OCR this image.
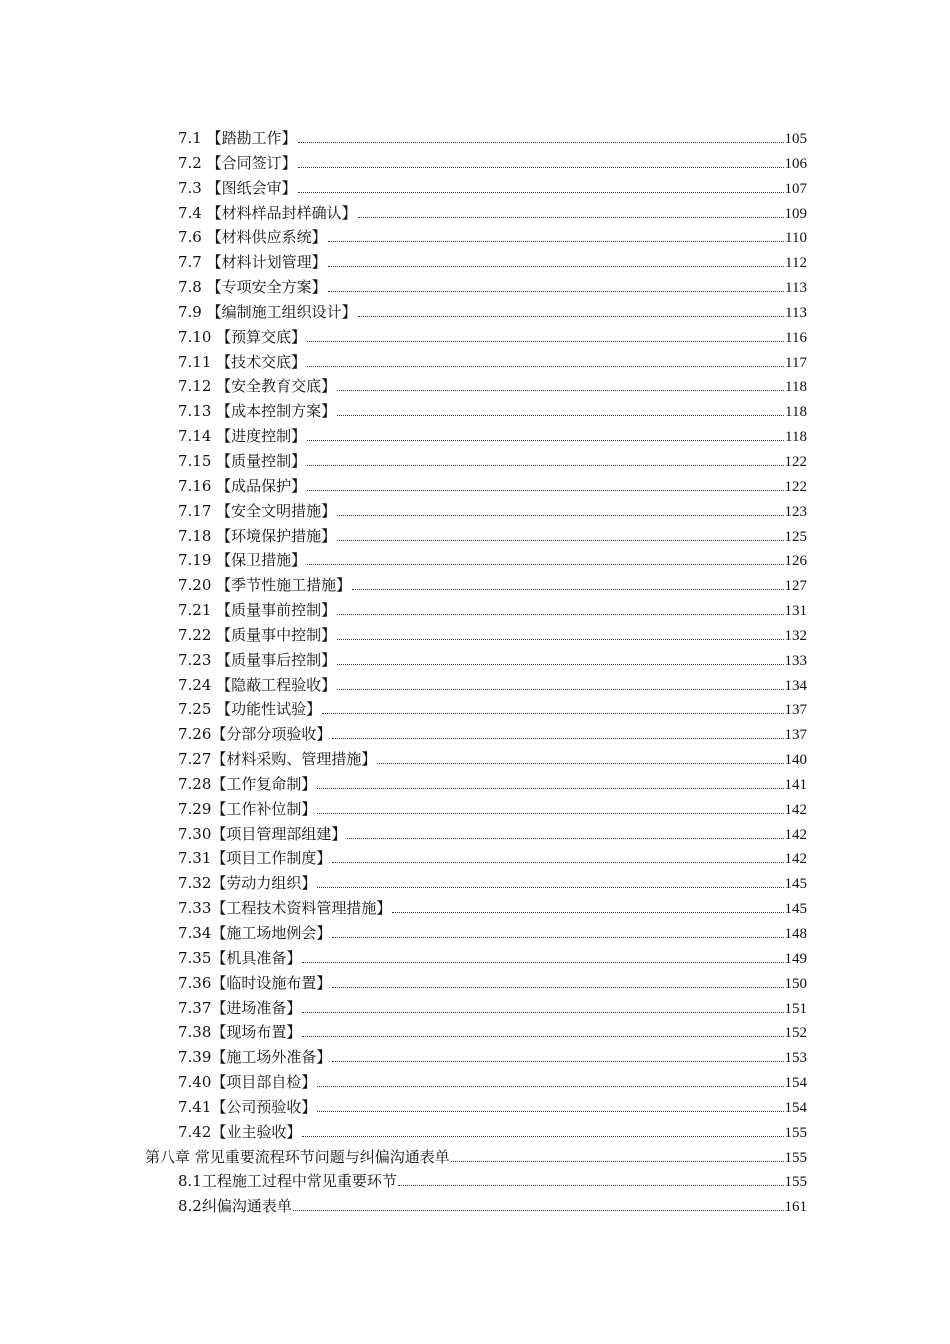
7.1 【踏勘工作】	105
7.2 【合同签订】	106
7.3 【图纸会审】	107
7.4 【材料样品封样确认】	109
7.6 【材料供应系统】	110
7.7 【材料计划管理】	112
7.8 【专项安全方案】	113
7.9 【编制施工组织设计】	113
7.10 【预算交底】	116
7.11 【技术交底】	117
7.12 【安全教育交底】	118
7.13 【成本控制方案】	118
7.14 【进度控制】	118
7.15 【质量控制】	122
7.16 【成品保护】	122
7.17 【安全文明措施】	123
7.18 【环境保护措施】	125
7.19 【保卫措施】	126
7.20 【季节性施工措施】	127
7.21 【质量事前控制】	131
7.22 【质量事中控制】	132
7.23 【质量事后控制】	133
7.24 【隐蔽工程验收】	134
7.25 【功能性试验】	137
7.26【分部分项验收】	137
7.27【材料采购、管理措施】	140
7.28【工作复命制】	141
7.29【工作补位制】	142
7.30【项目管理部组建】	142
7.31【项目工作制度】	142
7.32【劳动力组织】	145
7.33【工程技术资料管理措施】	145
7.34【施工场地例会】	148
7.35【机具准备】	149
7.36【临时设施布置】	150
7.37【进场准备】	151
7.38【现场布置】	152
7.39【施工场外准备】	153
7.40【项目部自检】	154
7.41【公司预验收】	154
7.42【业主验收】	155
第八章 常见重要流程环节问题与纠偏沟通表单	155
8.1工程施工过程中常见重要环节	155
8.2纠偏沟通表单	161
